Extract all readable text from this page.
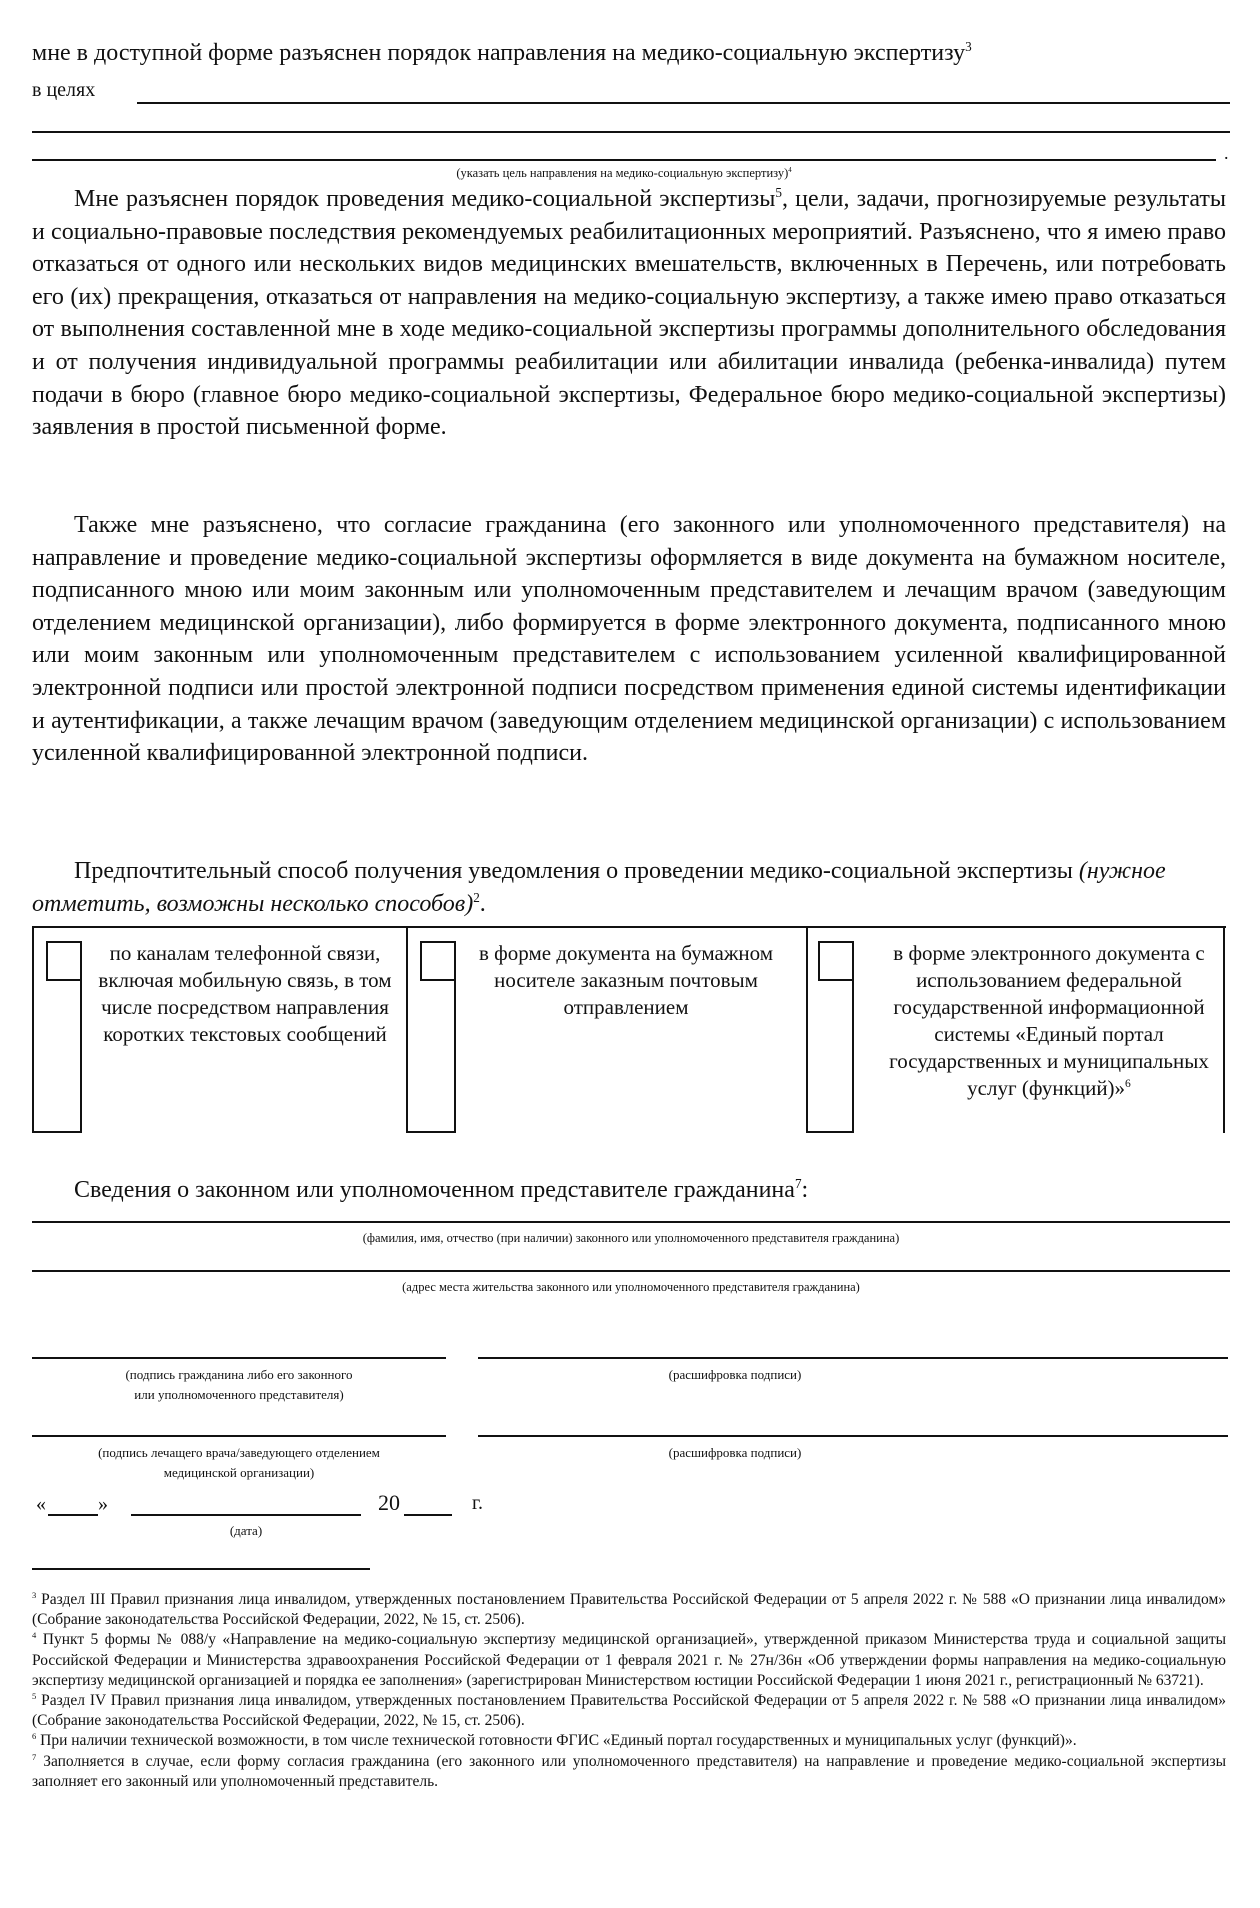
мне в доступной форме разъяснен порядок направления на медико-социальную экспертизу$^3$
в целях
.
(указать цель направления на медико-социальную экспертизу)$^4$
Мне разъяснен порядок проведения медико-социальной экспертизы$^5$, цели, задачи, прогнозируемые результаты и социально-правовые последствия рекомендуемых реабилитационных мероприятий. Разъяснено, что я имею право отказаться от одного или нескольких видов медицинских вмешательств, включенных в Перечень, или потребовать его (их) прекращения, отказаться от направления на медико-социальную экспертизу, а также имею право отказаться от выполнения составленной мне в ходе медико-социальной экспертизы программы дополнительного обследования и от получения индивидуальной программы реабилитации или абилитации инвалида (ребенка-инвалида) путем подачи в бюро (главное бюро медико-социальной экспертизы, Федеральное бюро медико-социальной экспертизы) заявления в простой письменной форме.
Также мне разъяснено, что согласие гражданина (его законного или уполномоченного представителя) на направление и проведение медико-социальной экспертизы оформляется в виде документа на бумажном носителе, подписанного мною или моим законным или уполномоченным представителем и лечащим врачом (заведующим отделением медицинской организации), либо формируется в форме электронного документа, подписанного мною или моим законным или уполномоченным представителем с использованием усиленной квалифицированной электронной подписи или простой электронной подписи посредством применения единой системы идентификации и аутентификации, а также лечащим врачом (заведующим отделением медицинской организации) с использованием усиленной квалифицированной электронной подписи.
Предпочтительный способ получения уведомления о проведении медико-социальной экспертизы (нужное отметить, возможны несколько способов)$^2$.
по каналам телефонной связи, включая мобильную связь, в том числе посредством направления коротких текстовых сообщений
в форме документа на бумажном носителе заказным почтовым отправлением
в форме электронного документа с использованием федеральной государственной информационной системы «Единый портал государственных и муниципальных услуг (функций)»$^6$
Сведения о законном или уполномоченном представителе гражданина$^7$:
(фамилия, имя, отчество (при наличии) законного или уполномоченного представителя гражданина)
(адрес места жительства законного или уполномоченного представителя гражданина)
(подпись гражданина либо его законного
или уполномоченного представителя)
(расшифровка подписи)
(подпись лечащего врача/заведующего отделением
медицинской организации)
(расшифровка подписи)
«	»	20	г.
(дата)

$^3$ Раздел III Правил признания лица инвалидом, утвержденных постановлением Правительства Российской Федерации от 5 апреля 2022 г. № 588 «О признании лица инвалидом» (Собрание законодательства Российской Федерации, 2022, № 15, ст. 2506).

$^4$ Пункт 5 формы № 088/у «Направление на медико-социальную экспертизу медицинской организацией», утвержденной приказом Министерства труда и социальной защиты Российской Федерации и Министерства здравоохранения Российской Федерации от 1 февраля 2021 г. № 27н/36н «Об утверждении формы направления на медико-социальную экспертизу медицинской организацией и порядка ее заполнения» (зарегистрирован Министерством юстиции Российской Федерации 1 июня 2021 г., регистрационный № 63721).

$^5$ Раздел IV Правил признания лица инвалидом, утвержденных постановлением Правительства Российской Федерации от 5 апреля 2022 г. № 588 «О признании лица инвалидом» (Собрание законодательства Российской Федерации, 2022, № 15, ст. 2506).

$^6$ При наличии технической возможности, в том числе технической готовности ФГИС «Единый портал государственных и муниципальных услуг (функций)».

$^7$ Заполняется в случае, если форму согласия гражданина (его законного или уполномоченного представителя) на направление и проведение медико-социальной экспертизы заполняет его законный или уполномоченный представитель.
